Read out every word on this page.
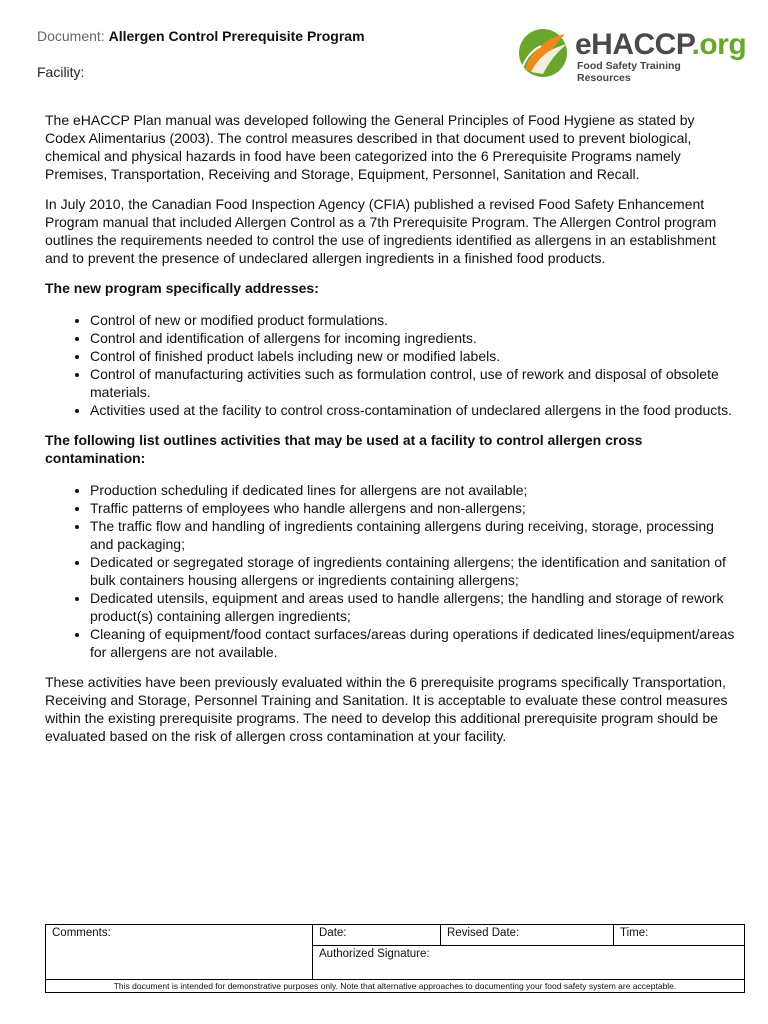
Document: Allergen Control Prerequisite Program
Facility:
eHACCP.org
Food Safety Training Resources

The eHACCP Plan manual was developed following the General Principles of Food Hygiene as stated by Codex Alimentarius (2003). The control measures described in that document used to prevent biological, chemical and physical hazards in food have been categorized into the 6 Prerequisite Programs namely Premises, Transportation, Receiving and Storage, Equipment, Personnel, Sanitation and Recall.

In July 2010, the Canadian Food Inspection Agency (CFIA) published a revised Food Safety Enhancement Program manual that included Allergen Control as a 7th Prerequisite Program. The Allergen Control program outlines the requirements needed to control the use of ingredients identified as allergens in an establishment and to prevent the presence of undeclared allergen ingredients in a finished food products.

The new program specifically addresses:
• Control of new or modified product formulations.
• Control and identification of allergens for incoming ingredients.
• Control of finished product labels including new or modified labels.
• Control of manufacturing activities such as formulation control, use of rework and disposal of obsolete materials.
• Activities used at the facility to control cross-contamination of undeclared allergens in the food products.
The following list outlines activities that may be used at a facility to control allergen cross contamination:
• Production scheduling if dedicated lines for allergens are not available;
• Traffic patterns of employees who handle allergens and non-allergens;
• The traffic flow and handling of ingredients containing allergens during receiving, storage, processing and packaging;
• Dedicated or segregated storage of ingredients containing allergens; the identification and sanitation of bulk containers housing allergens or ingredients containing allergens;
• Dedicated utensils, equipment and areas used to handle allergens; the handling and storage of rework product(s) containing allergen ingredients;
• Cleaning of equipment/food contact surfaces/areas during operations if dedicated lines/equipment/areas for allergens are not available.

These activities have been previously evaluated within the 6 prerequisite programs specifically Transportation, Receiving and Storage, Personnel Training and Sanitation. It is acceptable to evaluate these control measures within the existing prerequisite programs. The need to develop this additional prerequisite program should be evaluated based on the risk of allergen cross contamination at your facility.

Comments:	Date:	Revised Date:	Time:
Authorized Signature:
This document is intended for demonstrative purposes only. Note that alternative approaches to documenting your food safety system are acceptable.
